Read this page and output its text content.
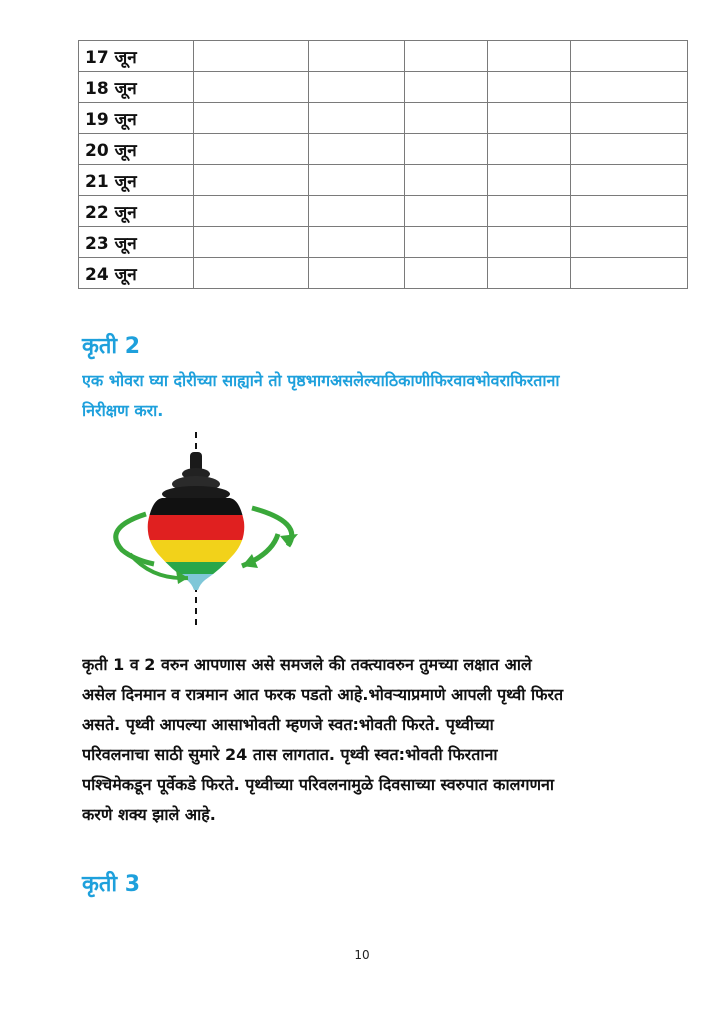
17 जून					
18 जून					
19 जून					
20 जून					
21 जून					
22 जून					
23 जून					
24 जून					
कृती 2

एक भोवरा घ्या दोरीच्या साह्याने तो पृष्ठभागअसलेल्याठिकाणीफिरवावभोवराफिरताना
निरीक्षण करा.

कृती 1 व 2 वरुन आपणास असे समजले की तक्त्यावरुन तुमच्या लक्षात आले
असेल दिनमान व रात्रमान आत फरक पडतो आहे.भोवऱ्याप्रमाणे आपली पृथ्वी फिरत
असते. पृथ्वी आपल्या आसाभोवती म्हणजे स्वत:भोवती फिरते. पृथ्वीच्या
परिवलनाचा साठी सुमारे 24 तास लागतात. पृथ्वी स्वत:भोवती फिरताना
पश्चिमेकडून पूर्वेकडे फिरते. पृथ्वीच्या परिवलनामुळे दिवसाच्या स्वरुपात कालगणना
करणे शक्य झाले आहे.

कृती 3
10
